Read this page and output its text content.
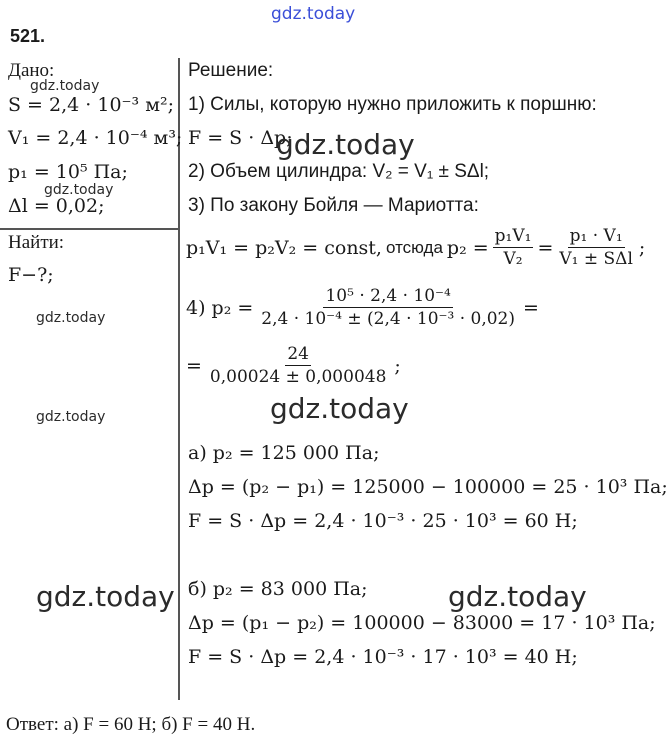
gdz.today
521.
Дано:
gdz.today
S = 2,4 · 10⁻³ м²;
V₁ = 2,4 · 10⁻⁴ м³;
p₁ = 10⁵ Па;
gdz.today
Δl = 0,02;
Найти:
F−?;
gdz.today
gdz.today
Решение:
1) Силы, которую нужно приложить к поршню:
F = S · Δp;
gdz.today
2) Объем цилиндра: V₂ = V₁ ± SΔl;
3) По закону Бойля — Мариотта:
p₁V₁ = p₂V₂ = const, отсюда $p_2 = \frac{\text{p₁V₁}}{\text{V₂}} = \frac{\text{p₁ · V₁}}{\text{V₁ ± SΔl}}$ ;
4) $p_2 = \frac{\text{10⁵ · 2,4 · 10⁻⁴}}{\text{2,4 · 10⁻⁴ ± (2,4 · 10⁻³ · 0,02)}}$ =
= $\frac{24}{0,00024 \pm 0,000048}$ ;
gdz.today
а) p₂ = 125 000 Па;
Δp = (p₂ − p₁) = 125000 − 100000 = 25 · 10³ Па;
F = S · Δp = 2,4 · 10⁻³ · 25 · 10³ = 60 Н;
gdz.today	gdz.today
б) p₂ = 83 000 Па;
Δp = (p₁ − p₂) = 100000 − 83000 = 17 · 10³ Па;
F = S · Δp = 2,4 · 10⁻³ · 17 · 10³ = 40 Н;
Ответ: а) F = 60 Н; б) F = 40 Н.
